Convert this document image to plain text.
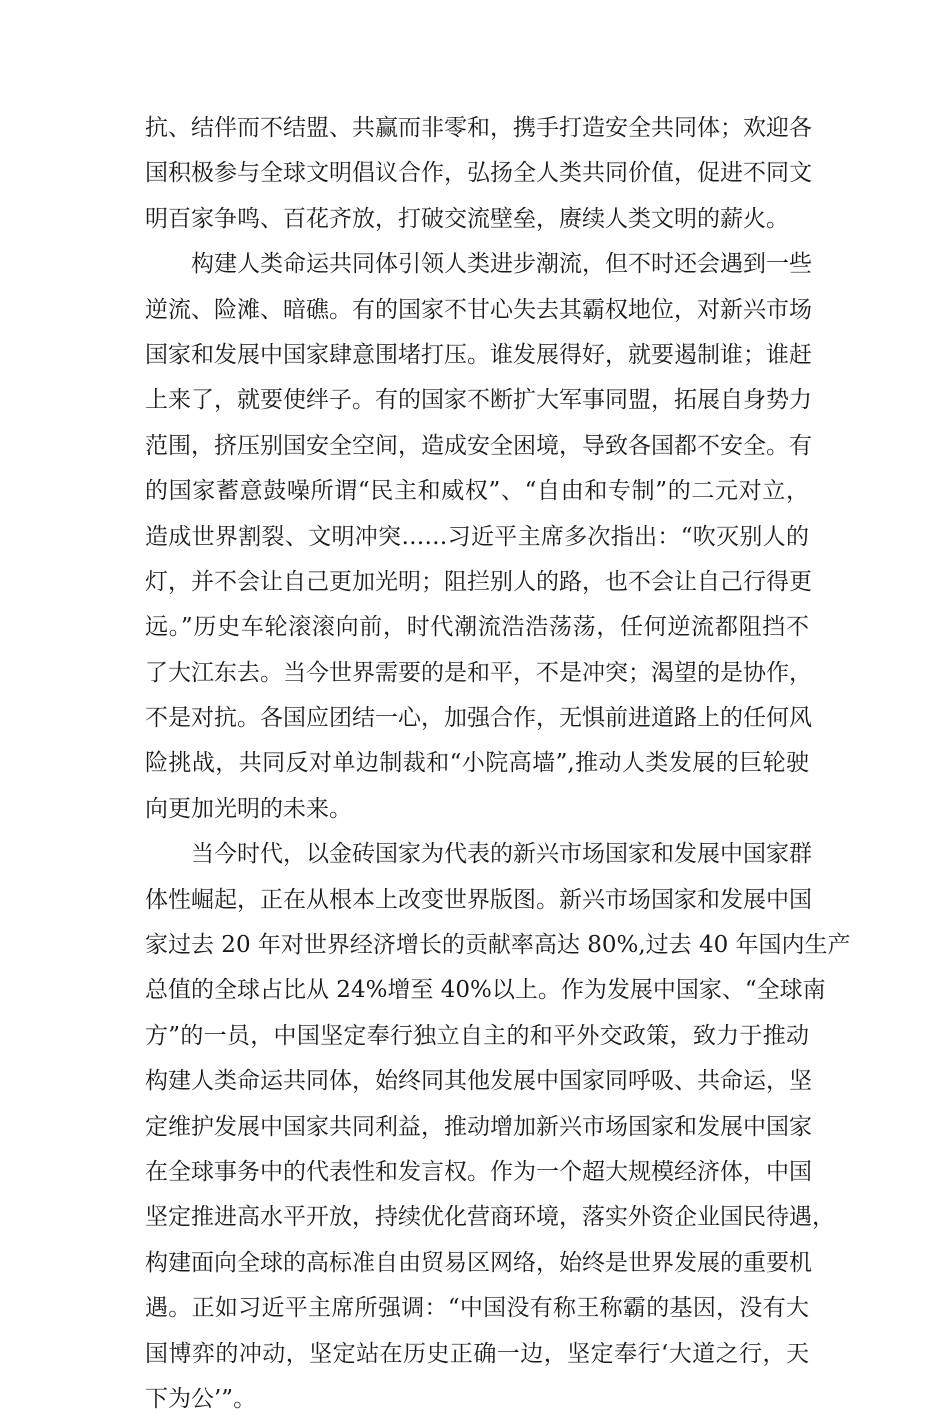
抗、结伴而不结盟、共赢而非零和，携手打造安全共同体；欢迎各
国积极参与全球文明倡议合作，弘扬全人类共同价值，促进不同文
明百家争鸣、百花齐放，打破交流壁垒，赓续人类文明的薪火。
构建人类命运共同体引领人类进步潮流，但不时还会遇到一些
逆流、险滩、暗礁。有的国家不甘心失去其霸权地位，对新兴市场
国家和发展中国家肆意围堵打压。谁发展得好，就要遏制谁；谁赶
上来了，就要使绊子。有的国家不断扩大军事同盟，拓展自身势力
范围，挤压别国安全空间，造成安全困境，导致各国都不安全。有
的国家蓄意鼓噪所谓“民主和威权”、“自由和专制”的二元对立，
造成世界割裂、文明冲突……习近平主席多次指出：“吹灭别人的
灯，并不会让自己更加光明；阻拦别人的路，也不会让自己行得更
远。”历史车轮滚滚向前，时代潮流浩浩荡荡，任何逆流都阻挡不
了大江东去。当今世界需要的是和平，不是冲突；渴望的是协作，
不是对抗。各国应团结一心，加强合作，无惧前进道路上的任何风
险挑战，共同反对单边制裁和“小院高墙”,推动人类发展的巨轮驶
向更加光明的未来。
当今时代，以金砖国家为代表的新兴市场国家和发展中国家群
体性崛起，正在从根本上改变世界版图。新兴市场国家和发展中国
家过去 20 年对世界经济增长的贡献率高达 80%,过去 40 年国内生产
总值的全球占比从 24%增至 40%以上。作为发展中国家、“全球南
方”的一员，中国坚定奉行独立自主的和平外交政策，致力于推动
构建人类命运共同体，始终同其他发展中国家同呼吸、共命运，坚
定维护发展中国家共同利益，推动增加新兴市场国家和发展中国家
在全球事务中的代表性和发言权。作为一个超大规模经济体，中国
坚定推进高水平开放，持续优化营商环境，落实外资企业国民待遇，
构建面向全球的高标准自由贸易区网络，始终是世界发展的重要机
遇。正如习近平主席所强调：“中国没有称王称霸的基因，没有大
国博弈的冲动，坚定站在历史正确一边，坚定奉行‘大道之行，天
下为公’”。
